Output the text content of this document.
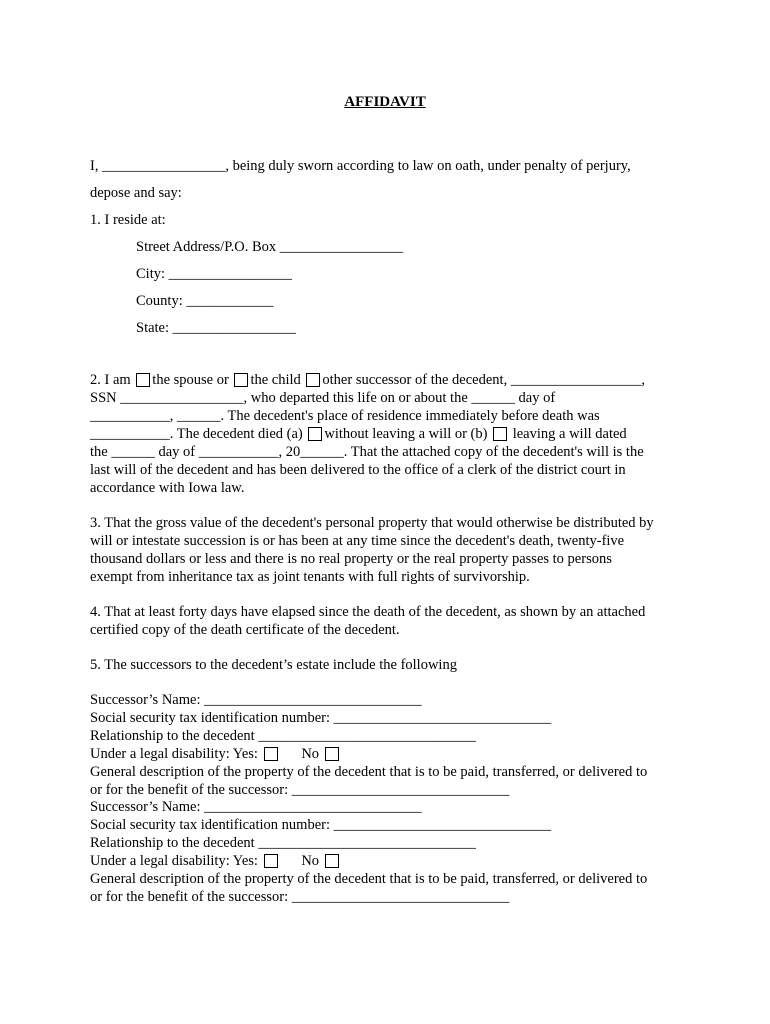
AFFIDAVIT
I, _________________, being duly sworn according to law on oath, under penalty of perjury,
depose and say:
1. I reside at:
Street Address/P.O. Box _________________
City: _________________
County: ____________
State: _________________
2. I am the spouse or the child other successor of the decedent, __________________,
SSN _________________, who departed this life on or about the ______ day of
___________, ______. The decedent's place of residence immediately before death was
___________. The decedent died (a) without leaving a will or (b) leaving a will dated
the ______ day of ___________, 20______. That the attached copy of the decedent's will is the
last will of the decedent and has been delivered to the office of a clerk of the district court in
accordance with Iowa law.
3. That the gross value of the decedent's personal property that would otherwise be distributed by
will or intestate succession is or has been at any time since the decedent's death, twenty-five
thousand dollars or less and there is no real property or the real property passes to persons
exempt from inheritance tax as joint tenants with full rights of survivorship.
4. That at least forty days have elapsed since the death of the decedent, as shown by an attached
certified copy of the death certificate of the decedent.
5. The successors to the decedent’s estate include the following
Successor’s Name: ______________________________
Social security tax identification number: ______________________________
Relationship to the decedent ______________________________
Under a legal disability: Yes:	No
General description of the property of the decedent that is to be paid, transferred, or delivered to
or for the benefit of the successor: ______________________________
Successor’s Name: ______________________________
Social security tax identification number: ______________________________
Relationship to the decedent ______________________________
Under a legal disability: Yes:	No
General description of the property of the decedent that is to be paid, transferred, or delivered to
or for the benefit of the successor: ______________________________
